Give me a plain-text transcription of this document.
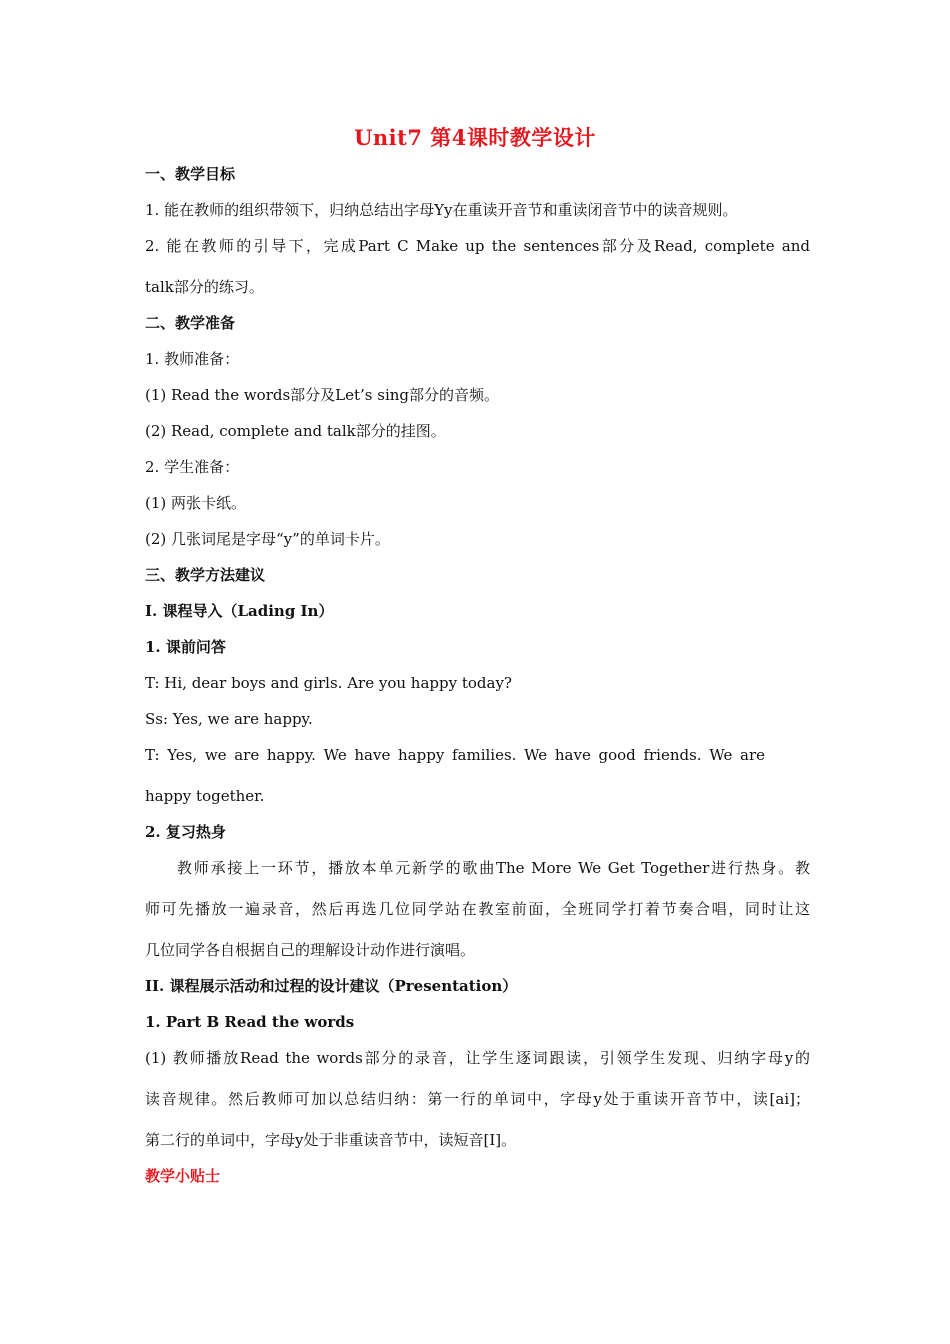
Unit7 第4课时教学设计
一、教学目标
1. 能在教师的组织带领下，归纳总结出字母Yy在重读开音节和重读闭音节中的读音规则。
2. 能在教师的引导下，完成Part C Make up the sentences部分及Read, complete and
talk部分的练习。
二、教学准备
1. 教师准备：
(1) Read the words部分及Let’s sing部分的音频。
(2) Read, complete and talk部分的挂图。
2. 学生准备：
(1) 两张卡纸。
(2) 几张词尾是字母“y”的单词卡片。
三、教学方法建议
I. 课程导入（Lading In）
1. 课前问答
T: Hi, dear boys and girls. Are you happy today?
Ss: Yes, we are happy.
T: Yes, we are happy. We have happy families. We have good friends. We are
happy together.
2. 复习热身
教师承接上一环节，播放本单元新学的歌曲The More We Get Together进行热身。教
师可先播放一遍录音，然后再选几位同学站在教室前面，全班同学打着节奏合唱，同时让这
几位同学各自根据自己的理解设计动作进行演唱。
II. 课程展示活动和过程的设计建议（Presentation）
1. Part B Read the words
(1) 教师播放Read the words部分的录音，让学生逐词跟读，引领学生发现、归纳字母y的
读音规律。然后教师可加以总结归纳：第一行的单词中，字母y处于重读开音节中，读[ai]；
第二行的单词中，字母y处于非重读音节中，读短音[I]。
教学小贴士
